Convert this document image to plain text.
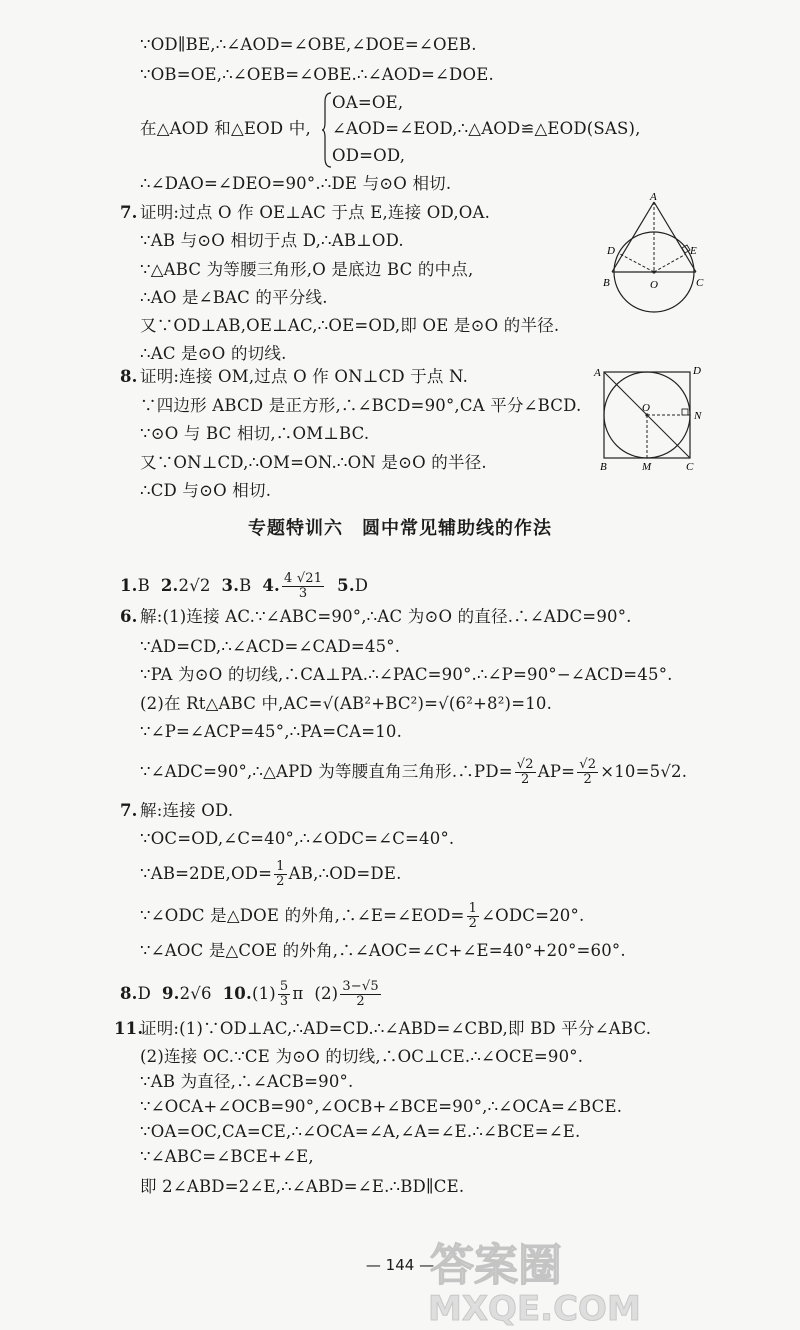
∵OD∥BE,∴∠AOD=∠OBE,∠DOE=∠OEB.
∵OB=OE,∴∠OEB=∠OBE.∴∠AOD=∠DOE.
在△AOD 和△EOD 中,
OA=OE,
∠AOD=∠EOD,∴△AOD≌△EOD(SAS),
OD=OD,
∴∠DAO=∠DEO=90°.∴DE 与⊙O 相切.
7. 证明:过点 O 作 OE⊥AC 于点 E,连接 OD,OA.
∵AB 与⊙O 相切于点 D,∴AB⊥OD.
∵△ABC 为等腰三角形,O 是底边 BC 的中点,
∴AO 是∠BAC 的平分线.
又∵OD⊥AB,OE⊥AC,∴OE=OD,即 OE 是⊙O 的半径.
∴AC 是⊙O 的切线.
A
D	E
B	O	C
8. 证明:连接 OM,过点 O 作 ON⊥CD 于点 N.
∵四边形 ABCD 是正方形,∴∠BCD=90°,CA 平分∠BCD.
∵⊙O 与 BC 相切,∴OM⊥BC.
又∵ON⊥CD,∴OM=ON.∴ON 是⊙O 的半径.
∴CD 与⊙O 相切.
A	D
O
N
B	M	C
专题特训六　圆中常见辅助线的作法
1.B 2.2√2 3.B 4. $\frac{4 √21}{3} 5.D$
6. 解:(1)连接 AC.∵∠ABC=90°,∴AC 为⊙O 的直径.∴∠ADC=90°.
∵AD=CD,∴∠ACD=∠CAD=45°.
∵PA 为⊙O 的切线,∴CA⊥PA.∴∠PAC=90°.∴∠P=90°−∠ACD=45°.
(2)在 Rt△ABC 中,AC=√(AB²+BC²)=√(6²+8²)=10.
∵∠P=∠ACP=45°,∴PA=CA=10.
∵∠ADC=90°,∴△APD 为等腰直角三角形.∴PD= $\frac{√2}{2} AP= \frac{√2}{2} \times 10=5√2$.
7. 解:连接 OD.
∵OC=OD,∠C=40°,∴∠ODC=∠C=40°.
∵AB=2DE,OD= $\frac{1}{2}$ AB,∴OD=DE.
∵∠ODC 是△DOE 的外角,∴∠E=∠EOD= $\frac{1}{2}$ ∠ODC=20°.
∵∠AOC 是△COE 的外角,∴∠AOC=∠C+∠E=40°+20°=60°.
8.D 9.2√6 $10.(1) \frac{5}{3}$ π $(2) \frac{3-√5}{2}$
11.
证明:(1)∵OD⊥AC,∴AD=CD.∴∠ABD=∠CBD,即 BD 平分∠ABC.
(2)连接 OC.∵CE 为⊙O 的切线,∴OC⊥CE.∴∠OCE=90°.
∵AB 为直径,∴∠ACB=90°.
∵∠OCA+∠OCB=90°,∠OCB+∠BCE=90°,∴∠OCA=∠BCE.
∵OA=OC,CA=CE,∴∠OCA=∠A,∠A=∠E.∴∠BCE=∠E.
∵∠ABC=∠BCE+∠E,
即 2∠ABD=2∠E,∴∠ABD=∠E.∴BD∥CE.
— 144 —
答案圈
MXQE.COM
